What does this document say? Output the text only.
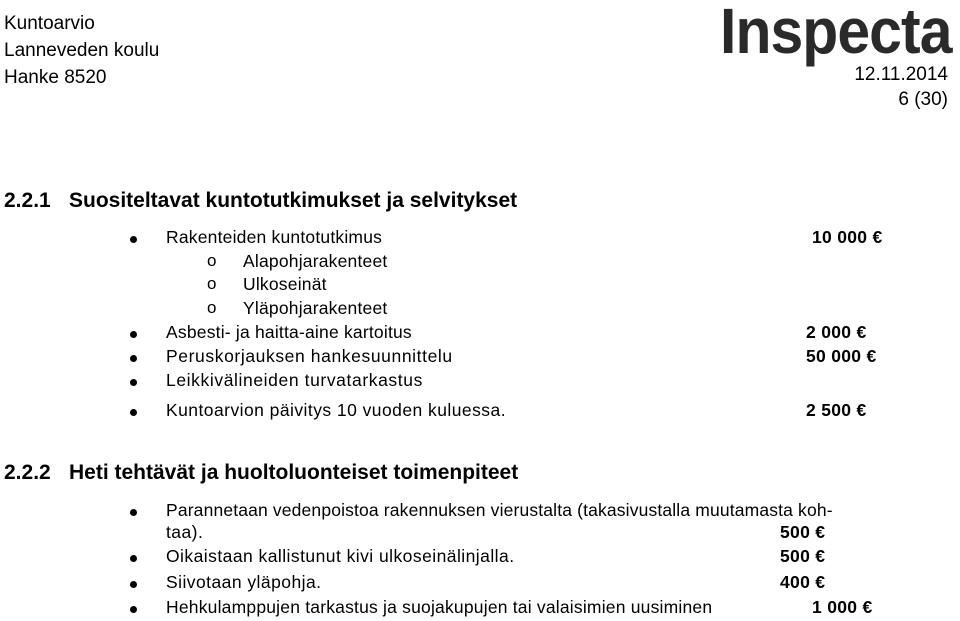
Kuntoarvio
Lanneveden koulu
Hanke 8520
Inspecta
12.11.2014
6 (30)
2.2.1 Suositeltavat kuntotutkimukset ja selvitykset
Rakenteiden kuntotutkimus	10 000 €
o Alapohjarakenteet
o Ulkoseinät
o Yläpohjarakenteet
Asbesti- ja haitta-aine kartoitus	2 000 €
Peruskorjauksen hankesuunnittelu	50 000 €
Leikkivälineiden turvatarkastus
Kuntoarvion päivitys 10 vuoden kuluessa.	2 500 €
2.2.2 Heti tehtävät ja huoltoluonteiset toimenpiteet
Parannetaan vedenpoistoa rakennuksen vierustalta (takasivustalla muutamasta koh-
taa).	500 €
Oikaistaan kallistunut kivi ulkoseinälinjalla.	500 €
Siivotaan yläpohja.	400 €
Hehkulamppujen tarkastus ja suojakupujen tai valaisimien uusiminen	1 000 €
